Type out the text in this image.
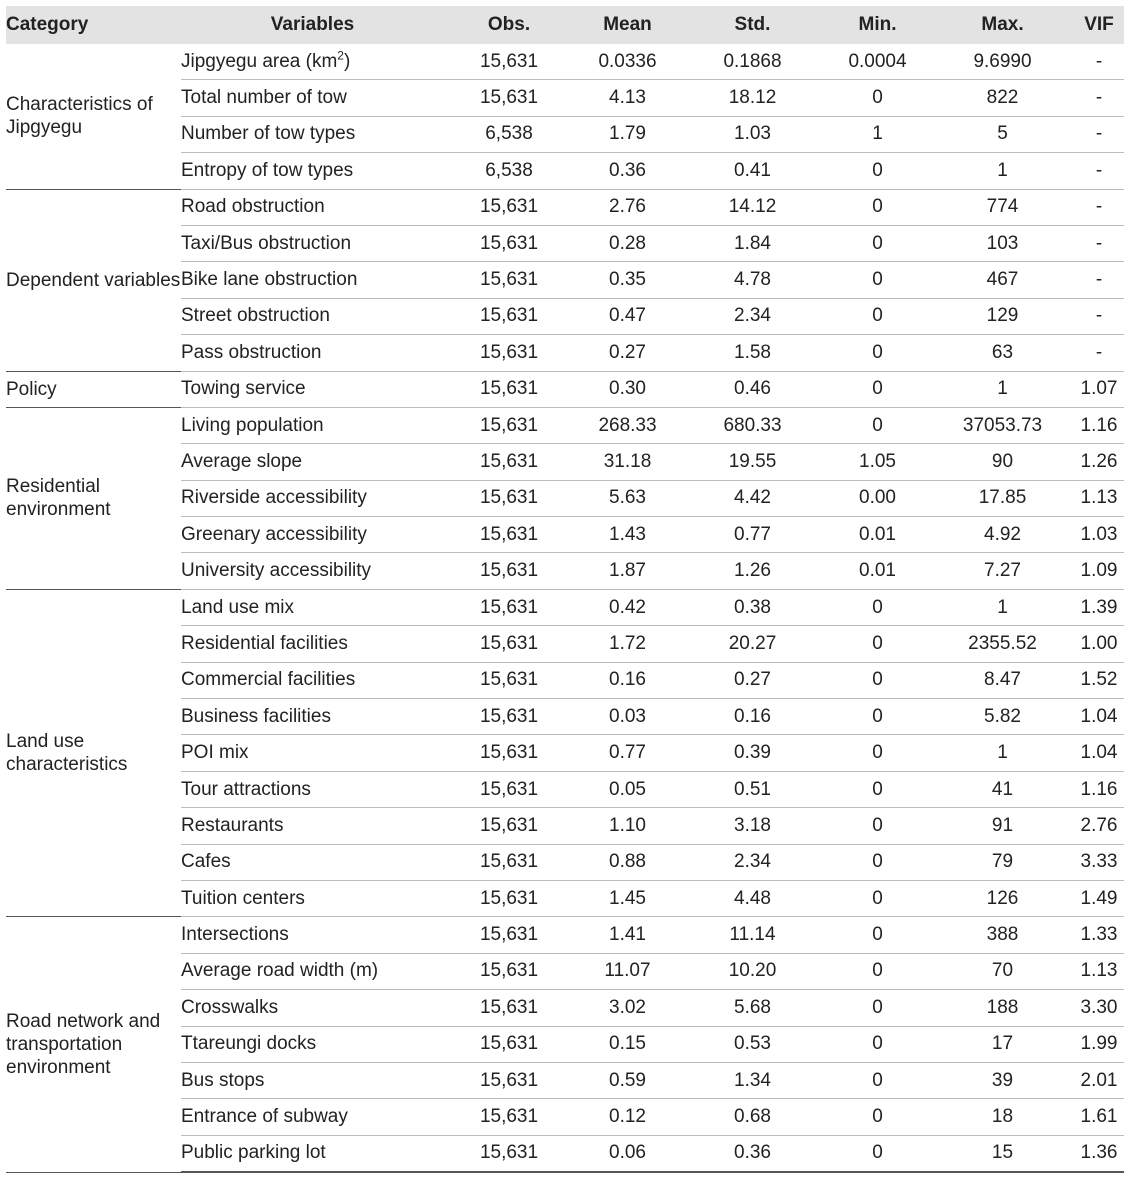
Category	Variables	Obs.	Mean	Std.	Min.	Max.	VIF
Characteristics of Jipgyegu	Jipgyegu area $(km^2)$	15,631	0.0336	0.1868	0.0004	9.6990	-
	Total number of tow	15,631	4.13	18.12	0	822	-
	Number of tow types	6,538	1.79	1.03	1	5	-
	Entropy of tow types	6,538	0.36	0.41	0	1	-
Dependent variables	Road obstruction	15,631	2.76	14.12	0	774	-
	Taxi/Bus obstruction	15,631	0.28	1.84	0	103	-
	Bike lane obstruction	15,631	0.35	4.78	0	467	-
	Street obstruction	15,631	0.47	2.34	0	129	-
	Pass obstruction	15,631	0.27	1.58	0	63	-
Policy	Towing service	15,631	0.30	0.46	0	1	1.07
Residential environment	Living population	15,631	268.33	680.33	0	37053.73	1.16
	Average slope	15,631	31.18	19.55	1.05	90	1.26
	Riverside accessibility	15,631	5.63	4.42	0.00	17.85	1.13
	Greenary accessibility	15,631	1.43	0.77	0.01	4.92	1.03
	University accessibility	15,631	1.87	1.26	0.01	7.27	1.09
Land use characteristics	Land use mix	15,631	0.42	0.38	0	1	1.39
	Residential facilities	15,631	1.72	20.27	0	2355.52	1.00
	Commercial facilities	15,631	0.16	0.27	0	8.47	1.52
	Business facilities	15,631	0.03	0.16	0	5.82	1.04
	POI mix	15,631	0.77	0.39	0	1	1.04
	Tour attractions	15,631	0.05	0.51	0	41	1.16
	Restaurants	15,631	1.10	3.18	0	91	2.76
	Cafes	15,631	0.88	2.34	0	79	3.33
	Tuition centers	15,631	1.45	4.48	0	126	1.49
Road network and transportation environment	Intersections	15,631	1.41	11.14	0	388	1.33
	Average road width (m)	15,631	11.07	10.20	0	70	1.13
	Crosswalks	15,631	3.02	5.68	0	188	3.30
	Ttareungi docks	15,631	0.15	0.53	0	17	1.99
	Bus stops	15,631	0.59	1.34	0	39	2.01
	Entrance of subway	15,631	0.12	0.68	0	18	1.61
	Public parking lot	15,631	0.06	0.36	0	15	1.36
